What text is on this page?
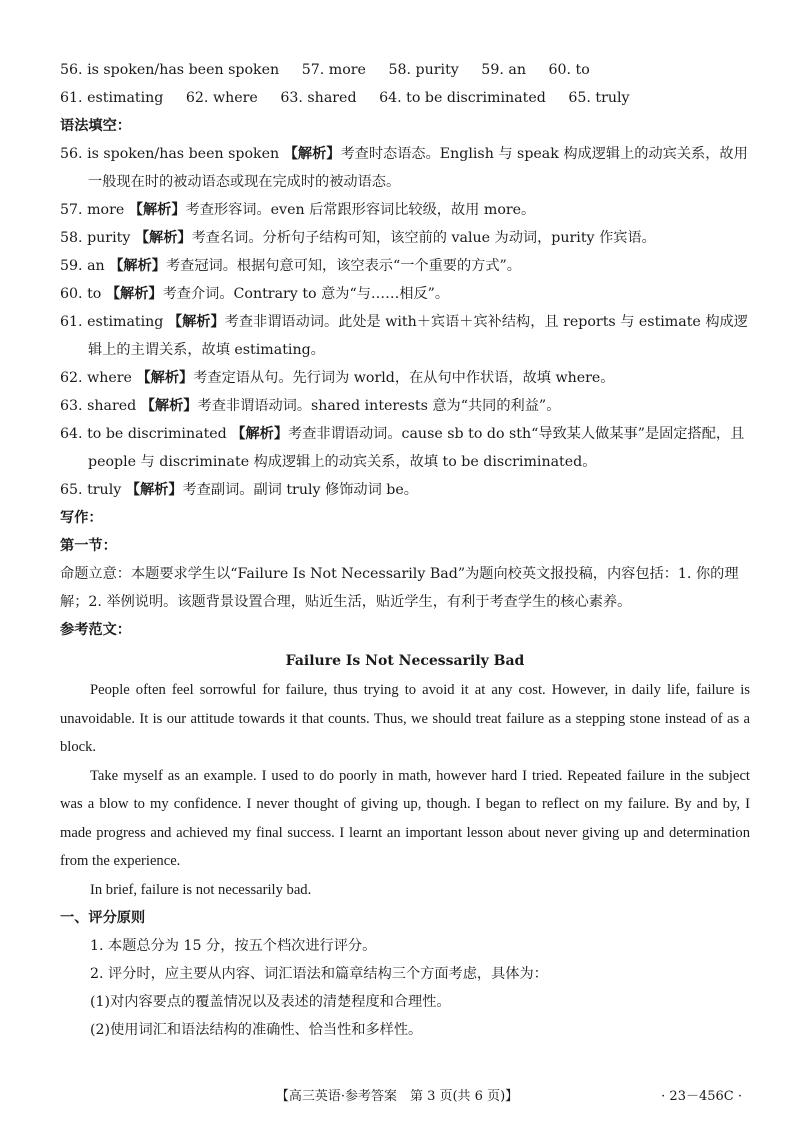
56. is spoken/has been spoken 57. more 58. purity 59. an 60. to
61. estimating 62. where 63. shared 64. to be discriminated 65. truly
语法填空：
56. is spoken/has been spoken 【解析】考查时态语态。English 与 speak 构成逻辑上的动宾关系，故用一般现在时的被动语态或现在完成时的被动语态。
57. more 【解析】考查形容词。even 后常跟形容词比较级，故用 more。
58. purity 【解析】考查名词。分析句子结构可知，该空前的 value 为动词，purity 作宾语。
59. an 【解析】考查冠词。根据句意可知，该空表示“一个重要的方式”。
60. to 【解析】考查介词。Contrary to 意为“与……相反”。
61. estimating 【解析】考查非谓语动词。此处是 with＋宾语＋宾补结构，且 reports 与 estimate 构成逻辑上的主谓关系，故填 estimating。
62. where 【解析】考查定语从句。先行词为 world，在从句中作状语，故填 where。
63. shared 【解析】考查非谓语动词。shared interests 意为“共同的利益”。
64. to be discriminated 【解析】考查非谓语动词。cause sb to do sth“导致某人做某事”是固定搭配，且 people 与 discriminate 构成逻辑上的动宾关系，故填 to be discriminated。
65. truly 【解析】考查副词。副词 truly 修饰动词 be。
写作：
第一节：
命题立意：本题要求学生以“Failure Is Not Necessarily Bad”为题向校英文报投稿，内容包括：1. 你的理解；2. 举例说明。该题背景设置合理，贴近生活，贴近学生，有利于考查学生的核心素养。
参考范文：
Failure Is Not Necessarily Bad

People often feel sorrowful for failure, thus trying to avoid it at any cost. However, in daily life, failure is unavoidable. It is our attitude towards it that counts. Thus, we should treat failure as a stepping stone instead of as a block.

Take myself as an example. I used to do poorly in math, however hard I tried. Repeated failure in the subject was a blow to my confidence. I never thought of giving up, though. I began to reflect on my failure. By and by, I made progress and achieved my final success. I learnt an important lesson about never giving up and determination from the experience.

In brief, failure is not necessarily bad.

一、评分原则
1. 本题总分为 15 分，按五个档次进行评分。
2. 评分时，应主要从内容、词汇语法和篇章结构三个方面考虑，具体为：
(1)对内容要点的覆盖情况以及表述的清楚程度和合理性。
(2)使用词汇和语法结构的准确性、恰当性和多样性。
【高三英语·参考答案　第 3 页(共 6 页)】	· 23－456C ·
